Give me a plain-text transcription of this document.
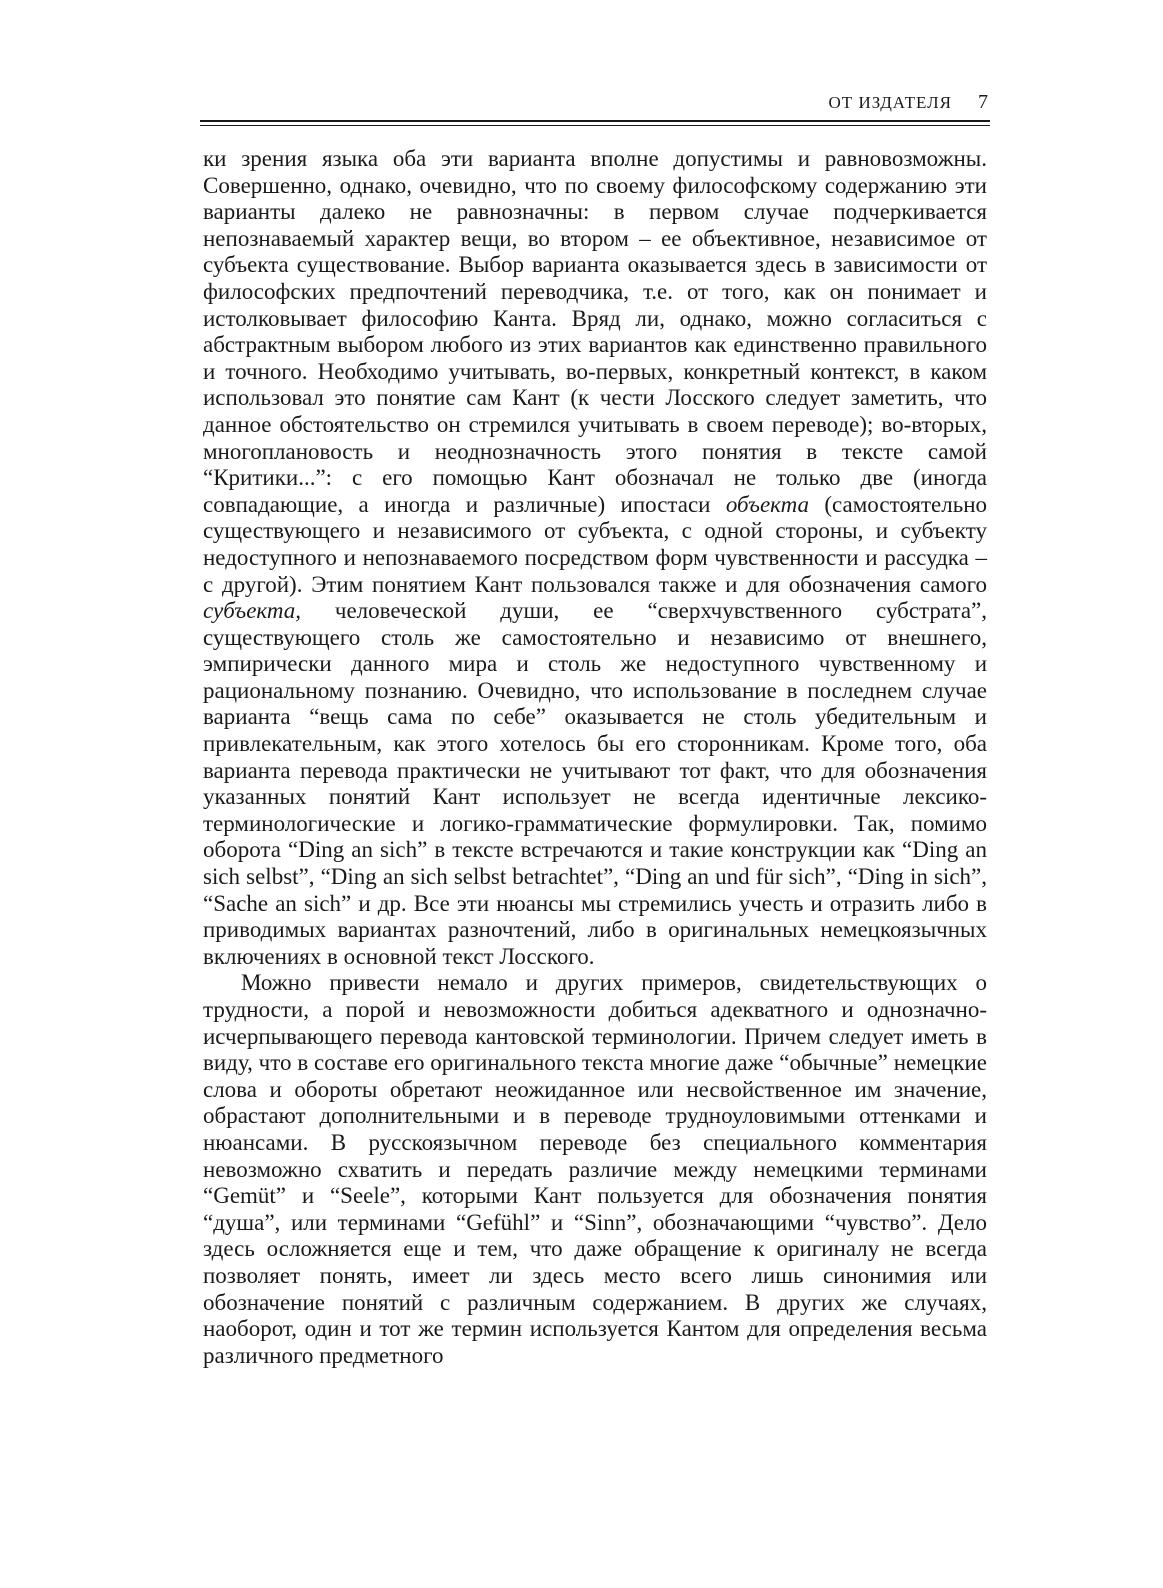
ОТ ИЗДАТЕЛЯ 7

ки зрения языка оба эти варианта вполне допустимы и равновозможны. Совершенно, однако, очевидно, что по своему философскому содержанию эти варианты далеко не равнозначны: в первом случае подчеркивается непознаваемый характер вещи, во втором – ее объективное, независимое от субъекта существование. Выбор варианта оказывается здесь в зависимости от философских предпочтений переводчика, т.е. от того, как он понимает и истолковывает философию Канта. Вряд ли, однако, можно согласиться с абстрактным выбором любого из этих вариантов как единственно правильного и точного. Необходимо учитывать, во-первых, конкретный контекст, в каком использовал это понятие сам Кант (к чести Лосского следует заметить, что данное обстоятельство он стремился учитывать в своем переводе); во-вторых, многоплановость и неоднозначность этого понятия в тексте самой “Критики...”: с его помощью Кант обозначал не только две (иногда совпадающие, а иногда и различные) ипостаси объекта (самостоятельно существующего и независимого от субъекта, с одной стороны, и субъекту недоступного и непознаваемого посредством форм чувственности и рассудка – с другой). Этим понятием Кант пользовался также и для обозначения самого субъекта, человеческой души, ее “сверхчувственного субстрата”, существующего столь же самостоятельно и независимо от внешнего, эмпирически данного мира и столь же недоступного чувственному и рациональному познанию. Очевидно, что использование в последнем случае варианта “вещь сама по себе” оказывается не столь убедительным и привлекательным, как этого хотелось бы его сторонникам. Кроме того, оба варианта перевода практически не учитывают тот факт, что для обозначения указанных понятий Кант использует не всегда идентичные лексико-терминологические и логико-грамматические формулировки. Так, помимо оборота “Ding an sich” в тексте встречаются и такие конструкции как “Ding an sich selbst”, “Ding an sich selbst betrachtet”, “Ding an und für sich”, “Ding in sich”, “Sache an sich” и др. Все эти нюансы мы стремились учесть и отразить либо в приводимых вариантах разночтений, либо в оригинальных немецкоязычных включениях в основной текст Лосского.

Можно привести немало и других примеров, свидетельствующих о трудности, а порой и невозможности добиться адекватного и однозначно-исчерпывающего перевода кантовской терминологии. Причем следует иметь в виду, что в составе его оригинального текста многие даже “обычные” немецкие слова и обороты обретают неожиданное или несвойственное им значение, обрастают дополнительными и в переводе трудноуловимыми оттенками и нюансами. В русскоязычном переводе без специального комментария невозможно схватить и передать различие между немецкими терминами “Gemüt” и “Seele”, которыми Кант пользуется для обозначения понятия “душа”, или терминами “Gefühl” и “Sinn”, обозначающими “чувство”. Дело здесь осложняется еще и тем, что даже обращение к оригиналу не всегда позволяет понять, имеет ли здесь место всего лишь синонимия или обозначение понятий с различным содержанием. В других же случаях, наоборот, один и тот же термин используется Кантом для определения весьма различного предметного
